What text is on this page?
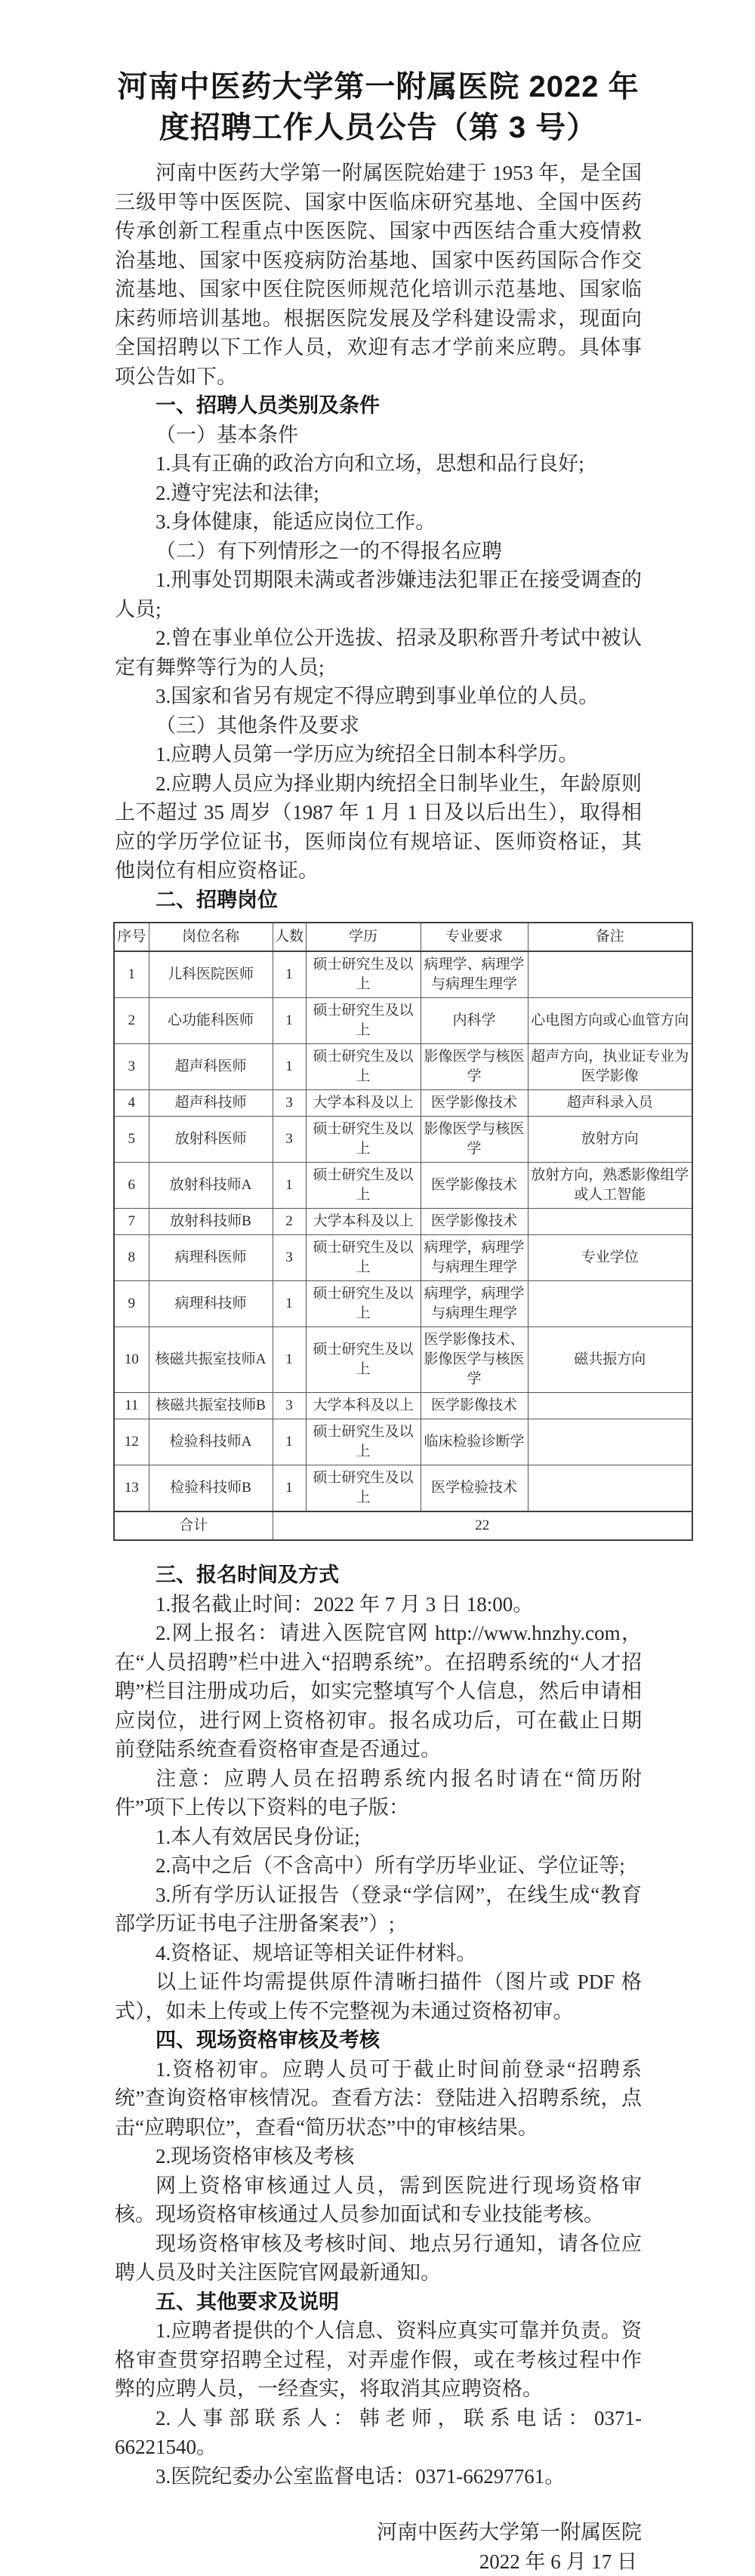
河南中医药大学第一附属医院 2022 年度招聘工作人员公告（第 3 号）

河南中医药大学第一附属医院始建于 1953 年，是全国三级甲等中医医院、国家中医临床研究基地、全国中医药传承创新工程重点中医医院、国家中西医结合重大疫情救治基地、国家中医疫病防治基地、国家中医药国际合作交流基地、国家中医住院医师规范化培训示范基地、国家临床药师培训基地。根据医院发展及学科建设需求，现面向全国招聘以下工作人员，欢迎有志才学前来应聘。具体事项公告如下。

一、招聘人员类别及条件

（一）基本条件

1.具有正确的政治方向和立场，思想和品行良好;

2.遵守宪法和法律;

3.身体健康，能适应岗位工作。

（二）有下列情形之一的不得报名应聘

1.刑事处罚期限未满或者涉嫌违法犯罪正在接受调查的人员;

2.曾在事业单位公开选拔、招录及职称晋升考试中被认定有舞弊等行为的人员;

3.国家和省另有规定不得应聘到事业单位的人员。

（三）其他条件及要求

1.应聘人员第一学历应为统招全日制本科学历。

2.应聘人员应为择业期内统招全日制毕业生，年龄原则上不超过 35 周岁（1987 年 1 月 1 日及以后出生），取得相应的学历学位证书，医师岗位有规培证、医师资格证，其他岗位有相应资格证。

二、招聘岗位

序号	岗位名称	人数	学历	专业要求	备注
1	儿科医院医师	1	硕士研究生及以上	病理学、病理学与病理生理学	
2	心功能科医师	1	硕士研究生及以上	内科学	心电图方向或心血管方向
3	超声科医师	1	硕士研究生及以上	影像医学与核医学	超声方向，执业证专业为医学影像
4	超声科技师	3	大学本科及以上	医学影像技术	超声科录入员
5	放射科医师	3	硕士研究生及以上	影像医学与核医学	放射方向
6	放射科技师A	1	硕士研究生及以上	医学影像技术	放射方向，熟悉影像组学或人工智能
7	放射科技师B	2	大学本科及以上	医学影像技术	
8	病理科医师	3	硕士研究生及以上	病理学，病理学与病理生理学	专业学位
9	病理科技师	1	硕士研究生及以上	病理学，病理学与病理生理学	
10	核磁共振室技师A	1	硕士研究生及以上	医学影像技术、影像医学与核医学	磁共振方向
11	核磁共振室技师B	3	大学本科及以上	医学影像技术	
12	检验科技师A	1	硕士研究生及以上	临床检验诊断学	
13	检验科技师B	1	硕士研究生及以上	医学检验技术	
合计		22			

三、报名时间及方式

1.报名截止时间：2022 年 7 月 3 日 18:00。

2.网上报名：请进入医院官网 http://www.hnzhy.com，在“人员招聘”栏中进入“招聘系统”。在招聘系统的“人才招聘”栏目注册成功后，如实完整填写个人信息，然后申请相应岗位，进行网上资格初审。报名成功后，可在截止日期前登陆系统查看资格审查是否通过。

注意：应聘人员在招聘系统内报名时请在“简历附件”项下上传以下资料的电子版：

1.本人有效居民身份证;

2.高中之后（不含高中）所有学历毕业证、学位证等;

3.所有学历认证报告（登录“学信网”，在线生成“教育部学历证书电子注册备案表”）;

4.资格证、规培证等相关证件材料。

以上证件均需提供原件清晰扫描件（图片或 PDF 格式），如未上传或上传不完整视为未通过资格初审。

四、现场资格审核及考核

1.资格初审。应聘人员可于截止时间前登录“招聘系统”查询资格审核情况。查看方法：登陆进入招聘系统，点击“应聘职位”，查看“简历状态”中的审核结果。

2.现场资格审核及考核

网上资格审核通过人员，需到医院进行现场资格审核。现场资格审核通过人员参加面试和专业技能考核。

现场资格审核及考核时间、地点另行通知，请各位应聘人员及时关注医院官网最新通知。

五、其他要求及说明

1.应聘者提供的个人信息、资料应真实可靠并负责。资格审查贯穿招聘全过程，对弄虚作假，或在考核过程中作弊的应聘人员，一经查实，将取消其应聘资格。

2.人事部联系人：韩老师，联系电话：0371-66221540。

3.医院纪委办公室监督电话：0371-66297761。

河南中医药大学第一附属医院

2022 年 6 月 17 日
